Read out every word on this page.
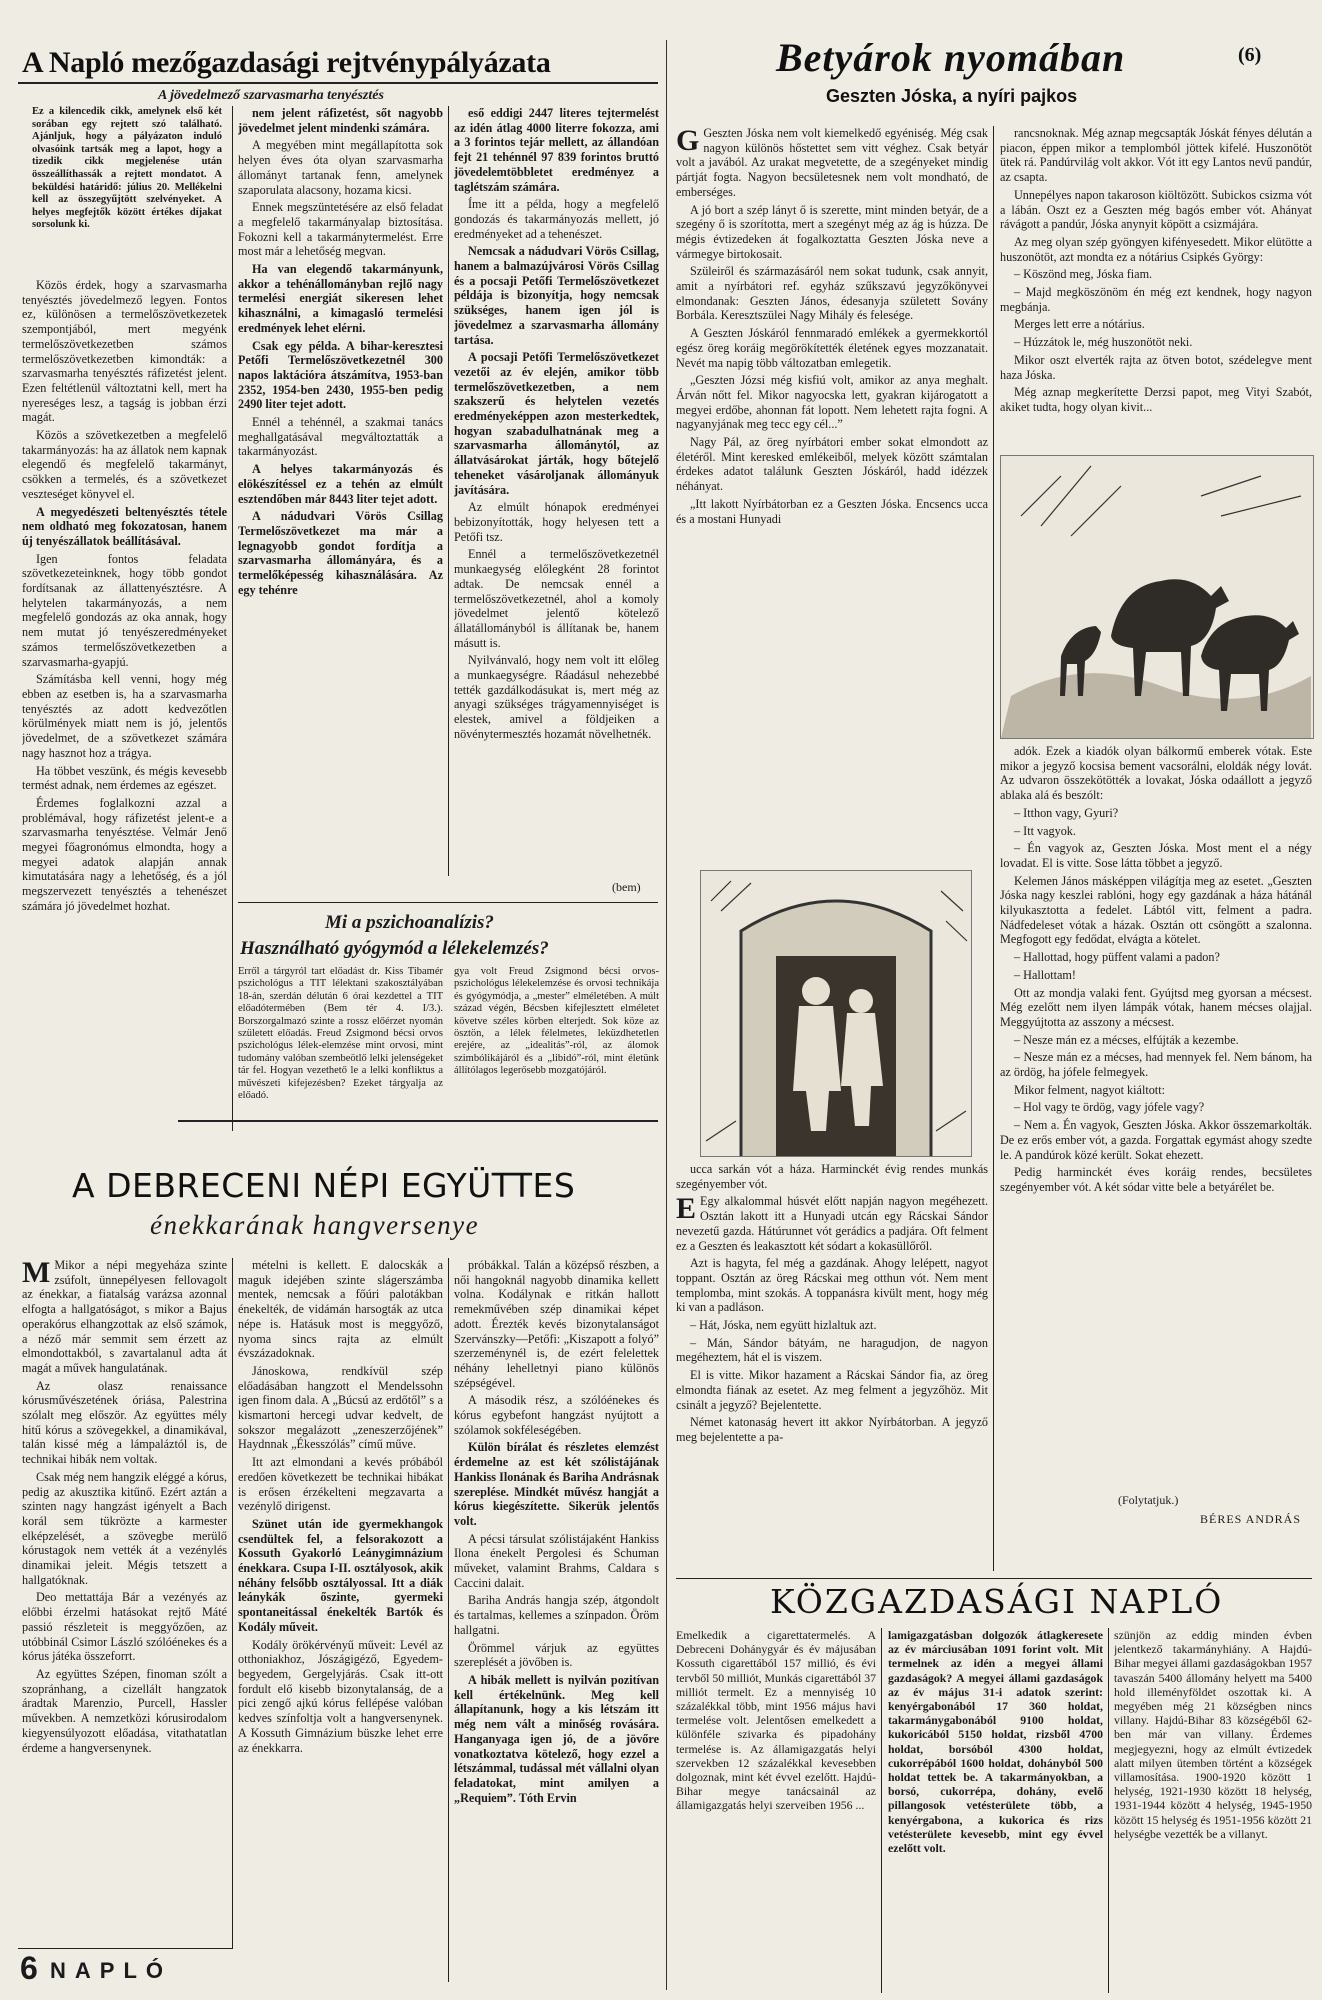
A Napló mezőgazdasági rejtvénypályázata
A jövedelmező szarvasmarha tenyésztés
Ez a kilencedik cikk, amelynek első két sorában egy rejtett szó található. Ajánljuk, hogy a pályázaton induló olvasóink tartsák meg a lapot, hogy a tizedik cikk megjelenése után összeállíthassák a rejtett mondatot. A beküldési határidő: július 20. Mellékelni kell az összegyűjtött szelvényeket. A helyes megfejtők között értékes díjakat sorsolunk ki.

Közös érdek, hogy a szarvasmarha tenyésztés jövedelmező legyen. Fontos ez, különösen a termelőszövetkezetek szempontjából, mert megyénk termelőszövetkezetben számos termelőszövetkezetben kimondták: a szarvasmarha tenyésztés ráfizetést jelent. Ezen feltétlenül változtatni kell, mert ha nyereséges lesz, a tagság is jobban érzi magát.

Közös a szövetkezetben a megfelelő takarmányozás: ha az állatok nem kapnak elegendő és megfelelő takarmányt, csökken a termelés, és a szövetkezet veszteséget könyvel el.

A megyedészeti beltenyésztés tétele nem oldható meg fokozatosan, hanem új tenyészállatok beállításával.

Igen fontos feladata szövetkezeteinknek, hogy több gondot fordítsanak az állattenyésztésre. A helytelen takarmányozás, a nem megfelelő gondozás az oka annak, hogy nem mutat jó tenyészeredményeket számos termelőszövetkezetben a szarvasmarha-gyapjú.

Számításba kell venni, hogy még ebben az esetben is, ha a szarvasmarha tenyésztés az adott kedvezőtlen körülmények miatt nem is jó, jelentős jövedelmet, de a szövetkezet számára nagy hasznot hoz a trágya.

Ha többet veszünk, és mégis kevesebb termést adnak, nem érdemes az egészet.

Érdemes foglalkozni azzal a problémával, hogy ráfizetést jelent-e a szarvasmarha tenyésztése. Velmár Jenő megyei főagronómus elmondta, hogy a megyei adatok alapján annak kimutatására nagy a lehetőség, és a jól megszervezett tenyésztés a tehenészet számára jó jövedelmet hozhat.

nem jelent ráfizetést, sőt nagyobb jövedelmet jelent mindenki számára.

A megyében mint megállapította sok helyen éves óta olyan szarvasmarha állományt tartanak fenn, amelynek szaporulata alacsony, hozama kicsi.

Ennek megszüntetésére az első feladat a megfelelő takarmányalap biztosítása. Fokozni kell a takarmánytermelést. Erre most már a lehetőség megvan.

Ha van elegendő takarmányunk, akkor a tehénállományban rejlő nagy termelési energiát sikeresen lehet kihasználni, a kimagasló termelési eredmények lehet elérni.

Csak egy példa. A bihar-keresztesi Petőfi Termelőszövetkezetnél 300 napos laktációra átszámítva, 1953-ban 2352, 1954-ben 2430, 1955-ben pedig 2490 liter tejet adott.

Ennél a tehénnél, a szakmai tanács meghallgatásával megváltoztatták a takarmányozást.

A helyes takarmányozás és elökészítéssel ez a tehén az elmúlt esztendőben már 8443 liter tejet adott.

A nádudvari Vörös Csillag Termelőszövetkezet ma már a legnagyobb gondot fordítja a szarvasmarha állományára, és a termelőképesség kihasználására. Az egy tehénre

eső eddigi 2447 literes tejtermelést az idén átlag 4000 literre fokozza, ami a 3 forintos tejár mellett, az állandóan fejt 21 tehénnél 97 839 forintos bruttó jövedelemtöbbletet eredményez a taglétszám számára.

Íme itt a példa, hogy a megfelelő gondozás és takarmányozás mellett, jó eredményeket ad a tehenészet.

Nemcsak a nádudvari Vörös Csillag, hanem a balmazújvárosi Vörös Csillag és a pocsaji Petőfi Termelőszövetkezet példája is bizonyítja, hogy nemcsak szükséges, hanem igen jól is jövedelmez a szarvasmarha állomány tartása.

A pocsaji Petőfi Termelőszövetkezet vezetői az év elején, amikor több termelőszövetkezetben, a nem szakszerű és helytelen vezetés eredményeképpen azon mesterkedtek, hogyan szabadulhatnának meg a szarvasmarha állománytól, az állatvásárokat járták, hogy bőtejelő teheneket vásároljanak állományuk javítására.

Az elmúlt hónapok eredményei bebizonyították, hogy helyesen tett a Petőfi tsz.

Ennél a termelőszövetkezetnél munkaegység előlegként 28 forintot adtak. De nemcsak ennél a termelőszövetkezetnél, ahol a komoly jövedelmet jelentő kötelező állatállományból is állítanak be, hanem másutt is.

Nyilvánvaló, hogy nem volt itt előleg a munkaegységre. Ráadásul nehezebbé tették gazdálkodásukat is, mert még az anyagi szükséges trágyamennyiséget is elestek, amivel a földjeiken a növénytermesztés hozamát növelhetnék.

(bem)
Mi a pszichoanalízis?
Használható gyógymód a lélekelemzés?
Erről a tárgyról tart előadást dr. Kiss Tibamér pszichológus a TIT lélektani szakosztályában 18-án, szerdán délután 6 órai kezdettel a TIT előadótermében (Bem tér 4. I/3.). Borszorgalmazó szinte a rossz előérzet nyomán született előadás. Freud Zsigmond bécsi orvos pszichológus lélek-elemzése mint orvosi, mint tudomány valóban szembeötlő lelki jelenségeket tár fel. Hogyan vezethető le a lelki konfliktus a művészeti kifejezésben? Ezeket tárgyalja az előadó.
gya volt Freud Zsigmond bécsi orvos-pszichológus lélekelemzése és orvosi technikája és gyógymódja, a „mester” elméletében. A múlt század végén, Bécsben kifejlesztett elméletet követve széles körben elterjedt. Sok köze az ösztön, a lélek félelmetes, leküzdhetetlen erejére, az „idealitás”-ról, az álomok szimbólikájáról és a „libidó”-ról, mint életünk állítólagos legerősebb mozgatójáról.
A DEBRECENI NÉPI EGYÜTTES
énekkarának hangversenye

M Mikor a népi megyeháza szinte zsúfolt, ünnepélyesen fellovagolt az énekkar, a fiatalság varázsa azonnal elfogta a hallgatóságot, s mikor a Bajus operakórus elhangzottak az első számok, a néző már semmit sem érzett az elmondottakból, s zavartalanul adta át magát a művek hangulatának.

Az olasz renaissance kórusművészetének óriása, Palestrina szólalt meg először. Az együttes mély hitű kórus a szövegekkel, a dinamikával, talán kissé még a lámpaláztól is, de technikai hibák nem voltak.

Csak még nem hangzik eléggé a kórus, pedig az akusztika kitűnő. Ezért aztán a szinten nagy hangzást igényelt a Bach korál sem tükrözte a karmester elképzelését, a szövegbe merülő kórustagok nem vették át a vezénylés dinamikai jeleit. Mégis tetszett a hallgatóknak.

Deo mettattája Bár a vezényés az előbbi érzelmi hatásokat rejtő Máté passió részleteit is meggyőzően, az utóbbinál Csimor László szólóénekes és a kórus játéka összeforrt.

Az együttes Szépen, finoman szólt a szopránhang, a cizellált hangzatok áradtak Marenzio, Purcell, Hassler művekben. A nemzetközi kórusirodalom kiegyensúlyozott előadása, vitathatatlan érdeme a hangversenynek.

mételni is kellett. E dalocskák a maguk idejében szinte slágerszámba mentek, nemcsak a főúri palotákban énekelték, de vidámán harsogták az utca népe is. Hatásuk most is meggyőző, nyoma sincs rajta az elmúlt évszázadoknak.

Jánoskowa, rendkívül szép előadásában hangzott el Mendelssohn igen finom dala. A „Búcsú az erdőtől” s a kismartoni hercegi udvar kedvelt, de sokszor megalázott „zeneszerzőjének” Haydnnak „Ékesszólás” című műve.

Itt azt elmondani a kevés próbából eredően következett be technikai hibákat is erősen érzékelteni megzavarta a vezénylő dirigenst.

Szünet után ide gyermekhangok csendültek fel, a felsorakozott a Kossuth Gyakorló Leánygimnázium énekkara. Csupa I-II. osztályosok, akik néhány felsőbb osztályossal. Itt a diák leánykák őszinte, gyermeki spontaneitással énekelték Bartók és Kodály műveit.

Kodály örökérvényű műveit: Levél az otthoniakhoz, Jószágigéző, Egyedem-begyedem, Gergelyjárás. Csak itt-ott fordult elő kisebb bizonytalanság, de a pici zengő ajkú kórus fellépése valóban kedves színfoltja volt a hangversenynek. A Kossuth Gimnázium büszke lehet erre az énekkarra.

próbákkal. Talán a középső részben, a női hangoknál nagyobb dinamika kellett volna. Kodálynak e ritkán hallott remekművében szép dinamikai képet adott. Érezték kevés bizonytalanságot Szervánszky—Petőfi: „Kiszapott a folyó” szerzeménynél is, de ezért felelettek néhány lehelletnyi piano különös szépségével.

A második rész, a szólóénekes és kórus egybefont hangzást nyújtott a szólamok sokféleségében.

Külön bírálat és részletes elemzést érdemelne az est két szólistájának Hankiss Ilonának és Bariha Andrásnak szereplése. Mindkét művész hangját a kórus kiegészítette. Sikerük jelentős volt.

A pécsi társulat szólistájaként Hankiss Ilona énekelt Pergolesi és Schuman műveket, valamint Brahms, Caldara s Caccini dalait.

Bariha András hangja szép, átgondolt és tartalmas, kellemes a színpadon. Öröm hallgatni.

Örömmel várjuk az együttes szereplését a jövőben is.

A hibák mellett is nyilván pozitívan kell értékelnünk. Meg kell állapítanunk, hogy a kis létszám itt még nem vált a minőség rovására. Hanganyaga igen jó, de a jövőre vonatkoztatva kötelező, hogy ezzel a létszámmal, tudással mét vállalni olyan feladatokat, mint amilyen a „Requiem”. Tóth Ervin

6 NAPLÓ
Betyárok nyomában	(6)
Geszten Jóska, a nyíri pajkos

G Geszten Jóska nem volt kiemelkedő egyéniség. Még csak nagyon különös hőstettet sem vitt véghez. Csak betyár volt a javából. Az urakat megvetette, de a szegényeket mindig pártját fogta. Nagyon becsületesnek nem volt mondható, de emberséges.

A jó bort a szép lányt ő is szerette, mint minden betyár, de a szegény ő is szorította, mert a szegényt még az ág is húzza. De mégis évtizedeken át fogalkoztatta Geszten Jóska neve a vármegye birtokosait.

Szüleiről és származásáról nem sokat tudunk, csak annyit, amit a nyírbátori ref. egyház szűkszavú jegyzőkönyvei elmondanak: Geszten János, édesanyja született Sovány Borbála. Keresztszülei Nagy Mihály és felesége.

A Geszten Jóskáról fennmaradó emlékek a gyermekkortól egész öreg koráig megörökítették életének egyes mozzanatait. Nevét ma napig több változatban emlegetik.

„Geszten Józsi még kisfiú volt, amikor az anya meghalt. Árván nőtt fel. Mikor nagyocska lett, gyakran kijárogatott a megyei erdőbe, ahonnan fát lopott. Nem lehetett rajta fogni. A nagyanyjának meg tecc egy cél...”

Nagy Pál, az öreg nyírbátori ember sokat elmondott az életéről. Mint keresked emlékeiből, melyek között számtalan érdekes adatot találunk Geszten Jóskáról, hadd idézzek néhányat.

„Itt lakott Nyírbátorban ez a Geszten Jóska. Encsencs ucca és a mostani Hunyadi

rancsnoknak. Még aznap megcsapták Jóskát fényes délután a piacon, éppen mikor a templomból jöttek kifelé. Huszonötöt ütek rá. Pandúrvilág volt akkor. Vót itt egy Lantos nevű pandúr, az csapta.

Unnepélyes napon takaroson kiöltözött. Subickos csizma vót a lábán. Oszt ez a Geszten még bagós ember vót. Ahányat rávágott a pandúr, Jóska anynyit köpött a csizmájára.

Az meg olyan szép gyöngyen kifényesedett. Mikor elütötte a huszonötöt, azt mondta ez a nótárius Csipkés György:

– Köszönd meg, Jóska fiam.

– Majd megköszönöm én még ezt kendnek, hogy nagyon megbánja.

Merges lett erre a nótárius.

– Húzzátok le, még huszonötöt neki.

Mikor oszt elverték rajta az ötven botot, szédelegve ment haza Jóska.

Még aznap megkerítette Derzsi papot, meg Vityi Szabót, akiket tudta, hogy olyan kivit...

adók. Ezek a kiadók olyan bálkormű emberek vótak. Este mikor a jegyző kocsisa bement vacsorálni, eloldák négy lovát. Az udvaron összekötötték a lovakat, Jóska odaállott a jegyző ablaka alá és beszólt:

– Itthon vagy, Gyuri?

– Itt vagyok.

– Én vagyok az, Geszten Jóska. Most ment el a négy lovadat. El is vitte. Sose látta többet a jegyző.

Kelemen János másképpen világítja meg az esetet. „Geszten Jóska nagy keszlei rablóni, hogy egy gazdának a háza hátánál kilyukasztotta a fedelet. Lábtól vitt, felment a padra. Nádfedeleset vótak a házak. Osztán ott csöngött a szalonna. Megfogott egy fedődat, elvágta a kötelet.

– Hallottad, hogy püffent valami a padon?

– Hallottam!

Ott az mondja valaki fent. Gyújtsd meg gyorsan a mécsest. Még ezelőtt nem ilyen lámpák vótak, hanem mécses olajjal. Meggyújtotta az asszony a mécsest.

– Nesze mán ez a mécses, elfújták a kezembe.

– Nesze mán ez a mécses, had mennyek fel. Nem bánom, ha az ördög, ha jófele felmegyek.

Mikor felment, nagyot kiáltott:

– Hol vagy te ördög, vagy jófele vagy?

– Nem a. Én vagyok, Geszten Jóska. Akkor összemarkolták. De ez erős ember vót, a gazda. Forgattak egymást ahogy szedte le. A pandúrok közé került. Sokat ehezett.

Pedig harminckét éves koráig rendes, becsületes szegényember vót. A két sódar vitte bele a betyárélet be.

ucca sarkán vót a háza. Harminckét évig rendes munkás szegényember vót.

E Egy alkalommal húsvét előtt napján nagyon megéhezett. Osztán lakott itt a Hunyadi utcán egy Rácskai Sándor nevezetű gazda. Hátúrunnet vót gerádics a padjára. Oft felment ez a Geszten és leakasztott két sódart a kokasüllőről.

Azt is hagyta, fel még a gazdának. Ahogy lelépett, nagyot toppant. Osztán az öreg Rácskai meg otthun vót. Nem ment templomba, mint szokás. A toppanásra kivült ment, hogy még ki van a padláson.

– Hát, Jóska, nem együtt hizlaltuk azt.

– Mán, Sándor bátyám, ne haragudjon, de nagyon megéheztem, hát el is viszem.

El is vitte. Mikor hazament a Rácskai Sándor fia, az öreg elmondta fiának az esetet. Az meg felment a jegyzőhöz. Mit csinált a jegyző? Bejelentette.

Német katonaság hevert itt akkor Nyírbátorban. A jegyző meg bejelentette a pa-

(Folytatjuk.)
BÉRES ANDRÁS
KÖZGAZDASÁGI NAPLÓ
Emelkedik a cigarettatermelés. A Debreceni Dohánygyár és év májusában Kossuth cigarettából 157 millió, és évi tervből 50 milliót, Munkás cigarettából 37 milliót termelt. Ez a mennyiség 10 százalékkal több, mint 1956 május havi termelése volt. Jelentősen emelkedett a különféle szivarka és pipadohány termelése is. Az államigazgatás helyi szervekben 12 százalékkal kevesebben dolgoznak, mint két évvel ezelőtt. Hajdú-Bihar megye tanácsainál az államigazgatás helyi szerveiben 1956 ...
lamigazgatásban dolgozók átlagkeresete az év márciusában 1091 forint volt. Mit termelnek az idén a megyei állami gazdaságok? A megyei állami gazdaságok az év május 31-i adatok szerint: kenyérgabonából 17 360 holdat, takarmánygabonából 9100 holdat, kukoricából 5150 holdat, rizsből 4700 holdat, borsóból 4300 holdat, cukorrépából 1600 holdat, dohányból 500 holdat tettek be. A takarmányokban, a borsó, cukorrépa, dohány, evelő pillangosok vetésterülete több, a kenyérgabona, a kukorica és rizs vetésterülete kevesebb, mint egy évvel ezelőtt volt.
szünjön az eddig minden évben jelentkező takarmányhiány. A Hajdú-Bihar megyei állami gazdaságokban 1957 tavaszán 5400 állomány helyett ma 5400 hold illeményföldet oszottak ki. A megyében még 21 községben nincs villany. Hajdú-Bihar 83 községéből 62-ben már van villany. Érdemes megjegyezni, hogy az elmúlt évtizedek alatt milyen ütemben történt a községek villamosítása. 1900-1920 között 1 helység, 1921-1930 között 18 helység, 1931-1944 között 4 helység, 1945-1950 között 15 helység és 1951-1956 között 21 helységbe vezették be a villanyt.
